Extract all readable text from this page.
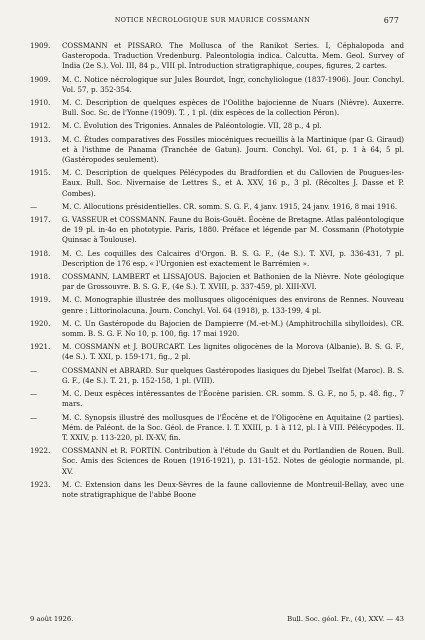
NOTICE NÉCROLOGIQUE SUR MAURICE COSSMANN	677
1909.	COSSMANN et PISSARO. The Mollusca of the Ranikot Series. I, Céphalopoda and Gasteropoda. Traduction Vredenburg. Paleontologia indica. Calcutta. Mem. Geol. Survey of India (2e S.). Vol. III, 84 p., VIII pl. Introduction stratigraphique, coupes, figures, 2 cartes.
1909.	M. C. Notice nécrologique sur Jules Bourdot, Ingr, conchyliologue (1837-1906). Jour. Conchyl. Vol. 57, p. 352-354.
1910.	M. C. Description de quelques espèces de l'Oolithe bajocienne de Nuars (Nièvre). Auxerre. Bull. Soc. Sc. de l'Yonne (1909). T. , 1 pl. (dix espèces de la collection Péron).
1912.	M. C. Évolution des Trigonies. Annales de Paléontologie. VII, 28 p., 4 pl.
1913.	M. C. Études comparatives des Fossiles miocéniques recueillis à la Martinique (par G. Giraud) et à l'isthme de Panama (Tranchée de Gatun). Journ. Conchyl. Vol. 61, p. 1 à 64, 5 pl. (Gastéropodes seulement).
1915.	M. C. Description de quelques Pélécypodes du Bradfordien et du Callovien de Pougues-les-Eaux. Bull. Soc. Nivernaise de Lettres S., et A. XXV, 16 p., 3 pl. (Récoltes J. Dasse et P. Combes).
—	M. C. Allocutions présidentielles. CR. somm. S. G. F., 4 janv. 1915, 24 janv. 1916, 8 mai 1916.
1917.	G. VASSEUR et COSSMANN. Faune du Bois-Gouët. Éocène de Bretagne. Atlas paléontologique de 19 pl. in-4o en phototypie. Paris, 1880. Préface et légende par M. Cossmann (Phototypie Quinsac à Toulouse).
1918.	M. C. Les coquilles des Calcaires d'Orgon. B. S. G. F., (4e S.). T. XVI, p. 336-431, 7 pl. Description de 176 esp. « l'Urgonien est exactement le Barrémien ».
1918.	COSSMANN, LAMBERT et LISSAJOUS. Bajocien et Bathonien de la Nièvre. Note géologique par de Grossouvre. B. S. G. F., (4e S.). T. XVIII, p. 337-459, pl. XIII-XVI.
1919.	M. C. Monographie illustrée des mollusques oligocéniques des environs de Rennes. Nouveau genre : Littorinolacuna. Journ. Conchyl. Vol. 64 (1918), p. 133-199, 4 pl.
1920.	M. C. Un Gastéropode du Bajocien de Dampierre (M.-et-M.) (Amphitrochilla sibylloides). CR. somm. B. S. G. F. No 10, p. 100, fig. 17 mai 1920.
1921.	M. COSSMANN et J. BOURCART. Les lignites oligocènes de la Morova (Albanie). B. S. G. F., (4e S.). T. XXI, p. 159-171, fig., 2 pl.
—	COSSMANN et ABRARD. Sur quelques Gastéropodes liasiques du Djebel Tselfat (Maroc). B. S. G. F., (4e S.). T. 21, p. 152-158, 1 pl. (VIII).
—	M. C. Deux espèces intéressantes de l'Éocène parisien. CR. somm. S. G. F., no 5, p. 48. fig., 7 mars.
—	M. C. Synopsis illustré des mollusques de l'Éocène et de l'Oligocène en Aquitaine (2 parties). Mém. de Paléont. de la Soc. Géol. de France. I. T. XXIII, p. 1 à 112, pl. I à VIII. Pélécypodes. II. T. XXIV, p. 113-220, pl. IX-XV, fin.
1922.	COSSMANN et R. FORTIN. Contribution à l'étude du Gault et du Portlandien de Rouen. Bull. Soc. Amis des Sciences de Rouen (1916-1921), p. 131-152. Notes de géologie normande, pl. XV.
1923.	M. C. Extension dans les Deux-Sèvres de la faune callovienne de Montreuil-Bellay, avec une note stratigraphique de l'abbé Boone
9 août 1926.	Bull. Soc. géol. Fr., (4), XXV. — 43
